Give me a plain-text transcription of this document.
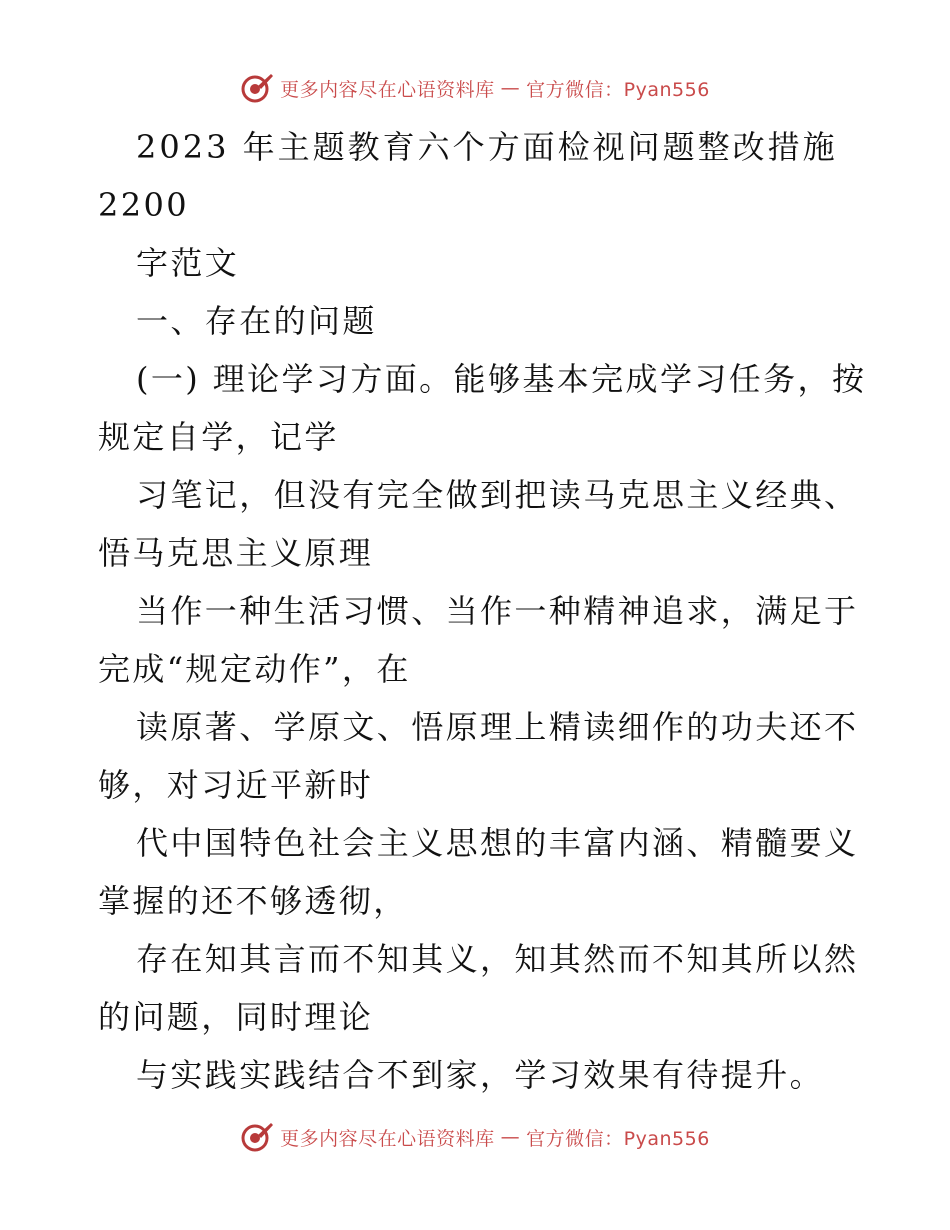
更多内容尽在心语资料库 — 官方微信：Pyan556
2023 年主题教育六个方面检视问题整改措施
2200
字范文
一、存在的问题
(一) 理论学习方面。能够基本完成学习任务，按
规定自学，记学
习笔记，但没有完全做到把读马克思主义经典、
悟马克思主义原理
当作一种生活习惯、当作一种精神追求，满足于
完成“规定动作”，在
读原著、学原文、悟原理上精读细作的功夫还不
够，对习近平新时
代中国特色社会主义思想的丰富内涵、精髓要义
掌握的还不够透彻，
存在知其言而不知其义，知其然而不知其所以然
的问题，同时理论
与实践实践结合不到家，学习效果有待提升。
更多内容尽在心语资料库 — 官方微信：Pyan556
